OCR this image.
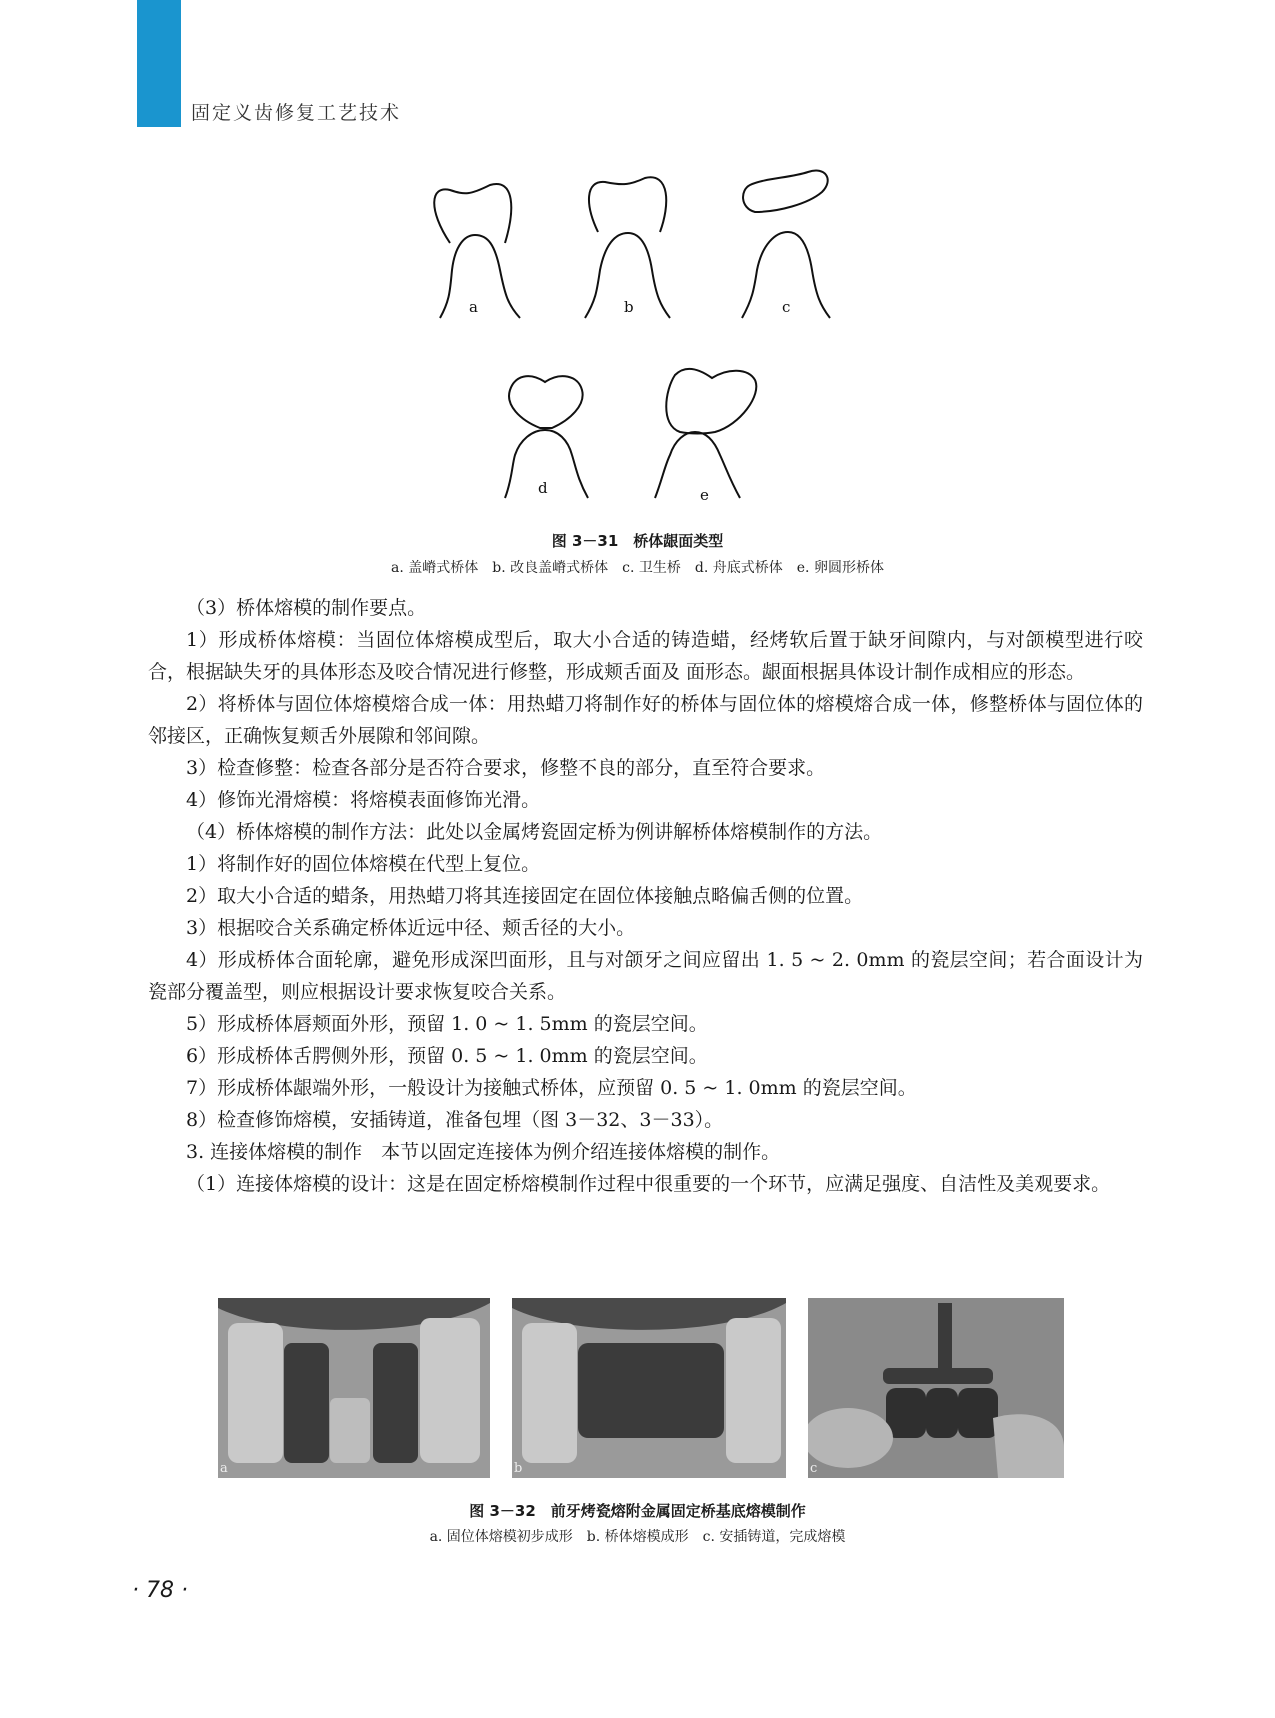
固定义齿修复工艺技术
a	b	c
d	e
图 3－31　桥体龈面类型
a. 盖嵴式桥体　b. 改良盖嵴式桥体　c. 卫生桥　d. 舟底式桥体　e. 卵圆形桥体

（3）桥体熔模的制作要点。

1）形成桥体熔模：当固位体熔模成型后，取大小合适的铸造蜡，经烤软后置于缺牙间隙内，与对颌模型进行咬合，根据缺失牙的具体形态及咬合情况进行修整，形成颊舌面及 面形态。龈面根据具体设计制作成相应的形态。

2）将桥体与固位体熔模熔合成一体：用热蜡刀将制作好的桥体与固位体的熔模熔合成一体，修整桥体与固位体的邻接区，正确恢复颊舌外展隙和邻间隙。

3）检查修整：检查各部分是否符合要求，修整不良的部分，直至符合要求。

4）修饰光滑熔模：将熔模表面修饰光滑。

（4）桥体熔模的制作方法：此处以金属烤瓷固定桥为例讲解桥体熔模制作的方法。

1）将制作好的固位体熔模在代型上复位。

2）取大小合适的蜡条，用热蜡刀将其连接固定在固位体接触点略偏舌侧的位置。

3）根据咬合关系确定桥体近远中径、颊舌径的大小。

4）形成桥体合面轮廓，避免形成深凹面形，且与对颌牙之间应留出 1. 5 ~ 2. 0mm 的瓷层空间；若合面设计为瓷部分覆盖型，则应根据设计要求恢复咬合关系。

5）形成桥体唇颊面外形，预留 1. 0 ~ 1. 5mm 的瓷层空间。

6）形成桥体舌腭侧外形，预留 0. 5 ~ 1. 0mm 的瓷层空间。

7）形成桥体龈端外形，一般设计为接触式桥体，应预留 0. 5 ~ 1. 0mm 的瓷层空间。

8）检查修饰熔模，安插铸道，准备包埋（图 3－32、3－33）。

3. 连接体熔模的制作　本节以固定连接体为例介绍连接体熔模的制作。

（1）连接体熔模的设计：这是在固定桥熔模制作过程中很重要的一个环节，应满足强度、自洁性及美观要求。

a	b	c
图 3－32　前牙烤瓷熔附金属固定桥基底熔模制作
a. 固位体熔模初步成形　b. 桥体熔模成形　c. 安插铸道，完成熔模
· 78 ·
